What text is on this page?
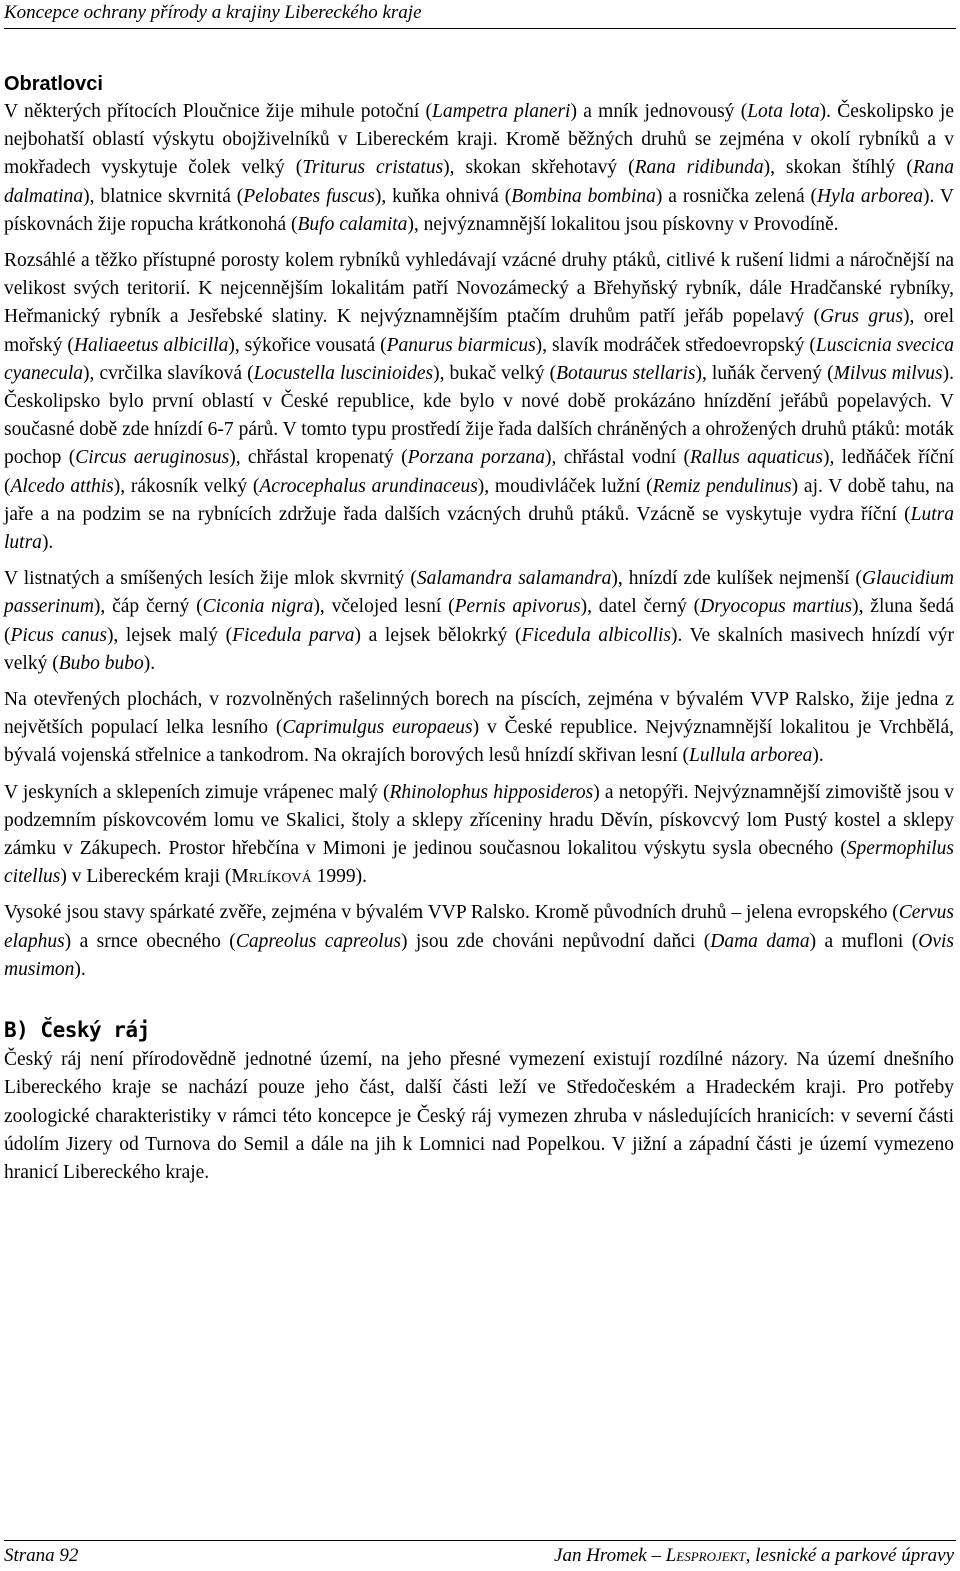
Koncepce ochrany přírody a krajiny Libereckého kraje
Obratlovci

V některých přítocích Ploučnice žije mihule potoční (Lampetra planeri) a mník jednovousý (Lota lota). Českolipsko je nejbohatší oblastí výskytu obojživelníků v Libereckém kraji. Kromě běžných druhů se zejména v okolí rybníků a v mokřadech vyskytuje čolek velký (Triturus cristatus), skokan skřehotavý (Rana ridibunda), skokan štíhlý (Rana dalmatina), blatnice skvrnitá (Pelobates fuscus), kuňka ohnivá (Bombina bombina) a rosnička zelená (Hyla arborea). V pískovnách žije ropucha krátkonohá (Bufo calamita), nejvýznamnější lokalitou jsou pískovny v Provodíně.

Rozsáhlé a těžko přístupné porosty kolem rybníků vyhledávají vzácné druhy ptáků, citlivé k rušení lidmi a náročnější na velikost svých teritorií. K nejcennějším lokalitám patří Novozámecký a Břehyňský rybník, dále Hradčanské rybníky, Heřmanický rybník a Jesřebské slatiny. K nejvýznamnějším ptačím druhům patří jeřáb popelavý (Grus grus), orel mořský (Haliaeetus albicilla), sýkořice vousatá (Panurus biarmicus), slavík modráček středoevropský (Luscicnia svecica cyanecula), cvrčilka slavíková (Locustella luscinioides), bukač velký (Botaurus stellaris), luňák červený (Milvus milvus). Českolipsko bylo první oblastí v České republice, kde bylo v nové době prokázáno hnízdění jeřábů popelavých. V současné době zde hnízdí 6-7 párů. V tomto typu prostředí žije řada dalších chráněných a ohrožených druhů ptáků: moták pochop (Circus aeruginosus), chřástal kropenatý (Porzana porzana), chřástal vodní (Rallus aquaticus), ledňáček říční (Alcedo atthis), rákosník velký (Acrocephalus arundinaceus), moudivláček lužní (Remiz pendulinus) aj. V době tahu, na jaře a na podzim se na rybnících zdržuje řada dalších vzácných druhů ptáků. Vzácně se vyskytuje vydra říční (Lutra lutra).

V listnatých a smíšených lesích žije mlok skvrnitý (Salamandra salamandra), hnízdí zde kulíšek nejmenší (Glaucidium passerinum), čáp černý (Ciconia nigra), včelojed lesní (Pernis apivorus), datel černý (Dryocopus martius), žluna šedá (Picus canus), lejsek malý (Ficedula parva) a lejsek bělokrký (Ficedula albicollis). Ve skalních masivech hnízdí výr velký (Bubo bubo).

Na otevřených plochách, v rozvolněných rašelinných borech na píscích, zejména v bývalém VVP Ralsko, žije jedna z největších populací lelka lesního (Caprimulgus europaeus) v České republice. Nejvýznamnější lokalitou je Vrchbělá, bývalá vojenská střelnice a tankodrom. Na okrajích borových lesů hnízdí skřivan lesní (Lullula arborea).

V jeskyních a sklepeních zimuje vrápenec malý (Rhinolophus hipposideros) a netopýři. Nejvýznamnější zimoviště jsou v podzemním pískovcovém lomu ve Skalici, štoly a sklepy zříceniny hradu Děvín, pískovcvý lom Pustý kostel a sklepy zámku v Zákupech. Prostor hřebčína v Mimoni je jedinou současnou lokalitou výskytu sysla obecného (Spermophilus citellus) v Libereckém kraji (Mrlíková 1999).

Vysoké jsou stavy spárkaté zvěře, zejména v bývalém VVP Ralsko. Kromě původních druhů – jelena evropského (Cervus elaphus) a srnce obecného (Capreolus capreolus) jsou zde chováni nepůvodní daňci (Dama dama) a mufloni (Ovis musimon).

B) Český ráj

Český ráj není přírodovědně jednotné území, na jeho přesné vymezení existují rozdílné názory. Na území dnešního Libereckého kraje se nachází pouze jeho část, další části leží ve Středočeském a Hradeckém kraji. Pro potřeby zoologické charakteristiky v rámci této koncepce je Český ráj vymezen zhruba v následujících hranicích: v severní části údolím Jizery od Turnova do Semil a dále na jih k Lomnici nad Popelkou. V jižní a západní části je území vymezeno hranicí Libereckého kraje.

Strana 92	Jan Hromek – Lesprojekt, lesnické a parkové úpravy
